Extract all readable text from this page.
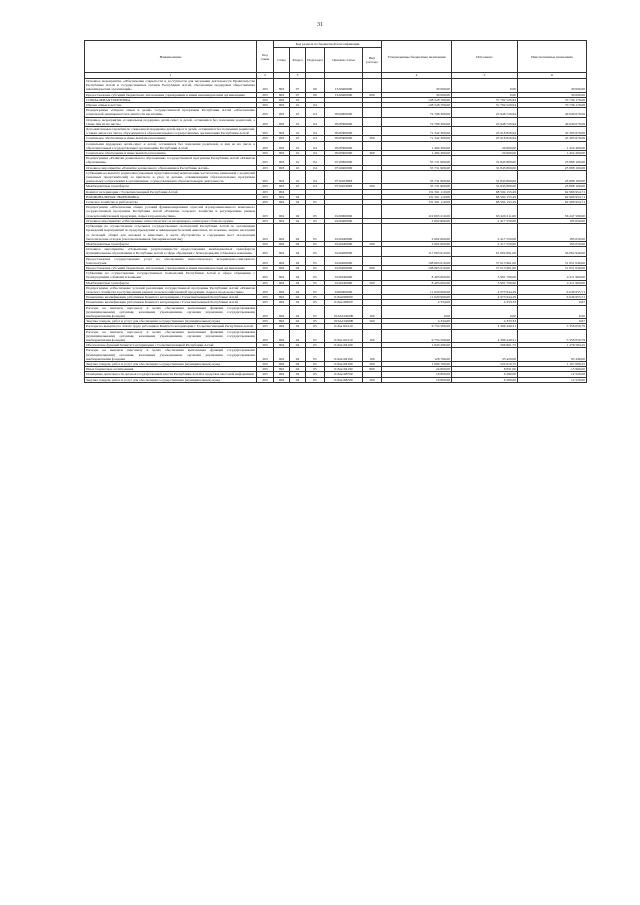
31
Наименование	Код главы	Код раздела по бюджетной классификации					Утвержденные бюджетные назначения	Исполнено	Неисполненные назначения
		Глава	Раздел	Подраздел	Целевая статья	Вид расхода			
1	2		3				4	5	6
Основное мероприятие «Обеспечение открытости и доступности для населения деятельности Правительства Республики Алтай и государственных органов Республики Алтай, обеспечение поддержки общественных некоммерческих организаций»	203	803	07	09	1520400000		30 000,00	0,00	30 000,00
Предоставление субсидий бюджетным, автономным учреждениям и иным некоммерческим организациям	203	803	07	09	1520400000	600	30 000,00	0,00	30 000,00
СОЦИАЛЬНАЯ ПОЛИТИКА	203	903	10				128 528 700,00	57 792 520,94	70 736 179,06
Охрана семьи и детства	203	903	10	04			128 528 700,00	57 792 520,94	70 736 179,06
Подпрограмма «Охрана семьи и детей» государственной программы Республики Алтай «Обеспечение социальной защищенности и занятости населения»	203	903	10	04	0520000000		72 798 300,00	25 948 720,94	46 849 079,06
Основное мероприятие «Социальная поддержка детей-сирот и детей, оставшихся без попечения родителей, а также лиц из их числа»	203	903	10	04	0520300000		72 798 300,00	25 948 720,94	46 849 079,06
Дополнительные гарантии по социальной поддержке детей-сирот и детей, оставшихся без попечения родителей, а также лиц из их числа, обучающихся в образовательных государственных организациях Республики Алтай	203	903	10	04	0520300000		71 342 300,00	25 918 820,94	45 393 679,06
Социальное обеспечение и иные выплаты населению	203	903	10	04	0520300000	300	71 342 300,00	25 918 820,94	45 393 679,06
Социальная поддержка детей-сирот и детей, оставшихся без попечения родителей, и лиц из их числа в образовательных государственных организациях Республики Алтай	203	903	10	04	0520300000		1 484 300,00	29 900,00	1 454 400,00
Социальное обеспечение и иные выплаты населению	203	903	10	04	0520300000	300	1 484 300,00	29 900,00	1 454 400,00
Подпрограмма «Развитие дошкольного образования» государственной программы Республики Алтай «Развитие образования»	203	903	10	04	0710000000		55 731 900,00	31 843 800,00	23 888 100,00
Основное мероприятие «Развитие дошкольного образования в Республике Алтай»	203	903	10	04	0710400000		55 731 900,00	31 843 800,00	23 888 100,00
Субвенции на выплату родителям (законным представителям) компенсации части платы, взимаемой с родителей (законных представителей) за присмотр и уход за детьми, осваивающими образовательные программы дошкольного образования в организациях, осуществляющих образовательную деятельность	203	903	10	04	0710453893		55 731 900,00	31 843 800,00	23 888 100,00
Межбюджетные трансферты	203	903	10	04	0710453893	500	55 731 900,00	31 843 800,00	23 888 100,00
Комитет ветеринарии с Госветинспекцией Республики Алтай	203	904					131 561 110,00	68 594 155,29	62 966 954,71
НАЦИОНАЛЬНАЯ ЭКОНОМИКА	203	904	04				131 561 110,00	68 594 155,29	62 966 954,71
Сельское хозяйство и рыболовство	203	904	04	05			131 561 110,00	68 594 155,29	62 966 954,71
Подпрограмма «Обеспечение общих условий функционирования отраслей агропромышленного комплекса» государственной программы Республики Алтай «Развитие сельского хозяйства и регулирование рынков сельскохозяйственной продукции, сырья и продовольствия»	203	904	04	05	0120000000		119 665 210,00	63 420 211,00	56 247 599,00
Основное мероприятие «Обеспечение эпизоотического и ветеринарно-санитарного благополучия»	203	904	04	05	0120400000		2 602 600,00	2 417 550,00	185 050,00
Субвенции на осуществление отдельных государственных полномочий Республики Алтай по организации проведения мероприятий по предупреждению и ликвидации болезней животных, их лечению, защите населения от болезней, общих для человека и животных, в части обустройства и содержания мест захоронения биологических отходов (скотомогильников, биотермических ям)	203	904	04	05	0120440990		2 602 600,00	2 417 550,00	185 050,00
Межбюджетные трансферты	203	904	04	05	0120440990	500	2 602 600,00	2 417 550,00	185 050,00
Основное мероприятие «Повышение результативности предоставления межбюджетных трансфертов муниципальным образованиям в Республике Алтай в сфере обращения с безнадзорными собаками и кошками»	203	904	04	05	0120200000		117 063 610,00	61 002 661,00	56 062 949,00
Предоставление государственных услуг по обеспечению эпизоотического ветеринарно-санитарного благополучия	203	904	04	05	0120200000		108 663 010,00	57 013 961,00	51 651 049,00
Предоставление субсидий бюджетным, автономным учреждениям и иным некоммерческим организациям	203	904	04	05	0120200000	600	108 663 010,00	57 013 961,00	51 651 049,00
Субвенции на осуществление государственных полномочий Республики Алтай в сфере обращения с безнадзорными собаками и кошками	203	904	04	05	0120240990		8 403 600,00	3 991 700,00	4 411 900,00
Межбюджетные трансферты	203	904	04	05	0120240990	500	8 403 600,00	3 991 700,00	4 411 900,00
Подпрограмма «Обеспечение условий реализации государственной программы Республики Алтай «Развитие сельского хозяйства и регулирование рынков сельскохозяйственной продукции, сырья и продовольствия»	203	904	04	05	0160000000		11 629 900,00	4 973 944,29	6 646 955,71
Повышение квалификации работников Комитета ветеринарии с Госветинспекцией Республики Алтай	203	904	04	05	016А000000		11 629 900,00	4 973 944,29	6 646 955,71
Повышение квалификации работников Комитета ветеринарии с Госветинспекцией Республики Алтай	203	904	04	05	016А100000		4 334,00	4 333,33	0,67
Расходы на выплаты персоналу в целях обеспечения выполнения функций государственными (муниципальными) органами, казенными учреждениями, органами управления государственными внебюджетными фондами	203	904	04	05	016А10400В	100	0,00	0,00	0,00
Закупка товаров, работ и услуг для обеспечения государственных (муниципальных) нужд	203	904	04	05	016А10400В	200	4 334,00	4 333,33	0,67
Расходы на выплаты по оплате труда работников Комитета ветеринарии с Госветинспекцией Республики Алтай	203	904	04	05	016А104110		9 754 500,00	4 396 449,21	5 358 050,79
Расходы на выплаты персоналу в целях обеспечения выполнения функций государственными (муниципальными) органами, казенными учреждениями, органами управления государственными внебюджетными фондами	203	904	04	05	016А104110	100	9 754 500,00	4 396 449,21	5 358 050,79
Обеспечение функций Комитета ветеринарии с Госветинспекцией Республики Алтай	203	904	04	05	016А104190		1 843 296,00	566 861,75	1 276 584,25
Расходы на выплаты персоналу в целях обеспечения выполнения функций государственными (муниципальными) органами, казенными учреждениями, органами управления государственными внебюджетными фондами	203	904	04	05	016А104190	100	128 766,00	35 420,00	93 346,00
Закупка товаров, работ и услуг для обеспечения государственных (муниципальных) нужд	203	904	04	05	016А104190	200	1 689 700,00	522 610,75	1 167 089,25
Иные бюджетные ассигнования	203	904	04	05	016А104190	800	24 800,00	8 831,00	15 969,00
Освещение деятельности органов государственной власти Республики Алтай в средствах массовой информации	203	904	04	05	016А108700		18 800,00	6 280,00	12 520,00
Закупка товаров, работ и услуг для обеспечения государственных (муниципальных) нужд	203	904	04	05	016А108700	200	18 800,00	6 280,00	12 520,00
